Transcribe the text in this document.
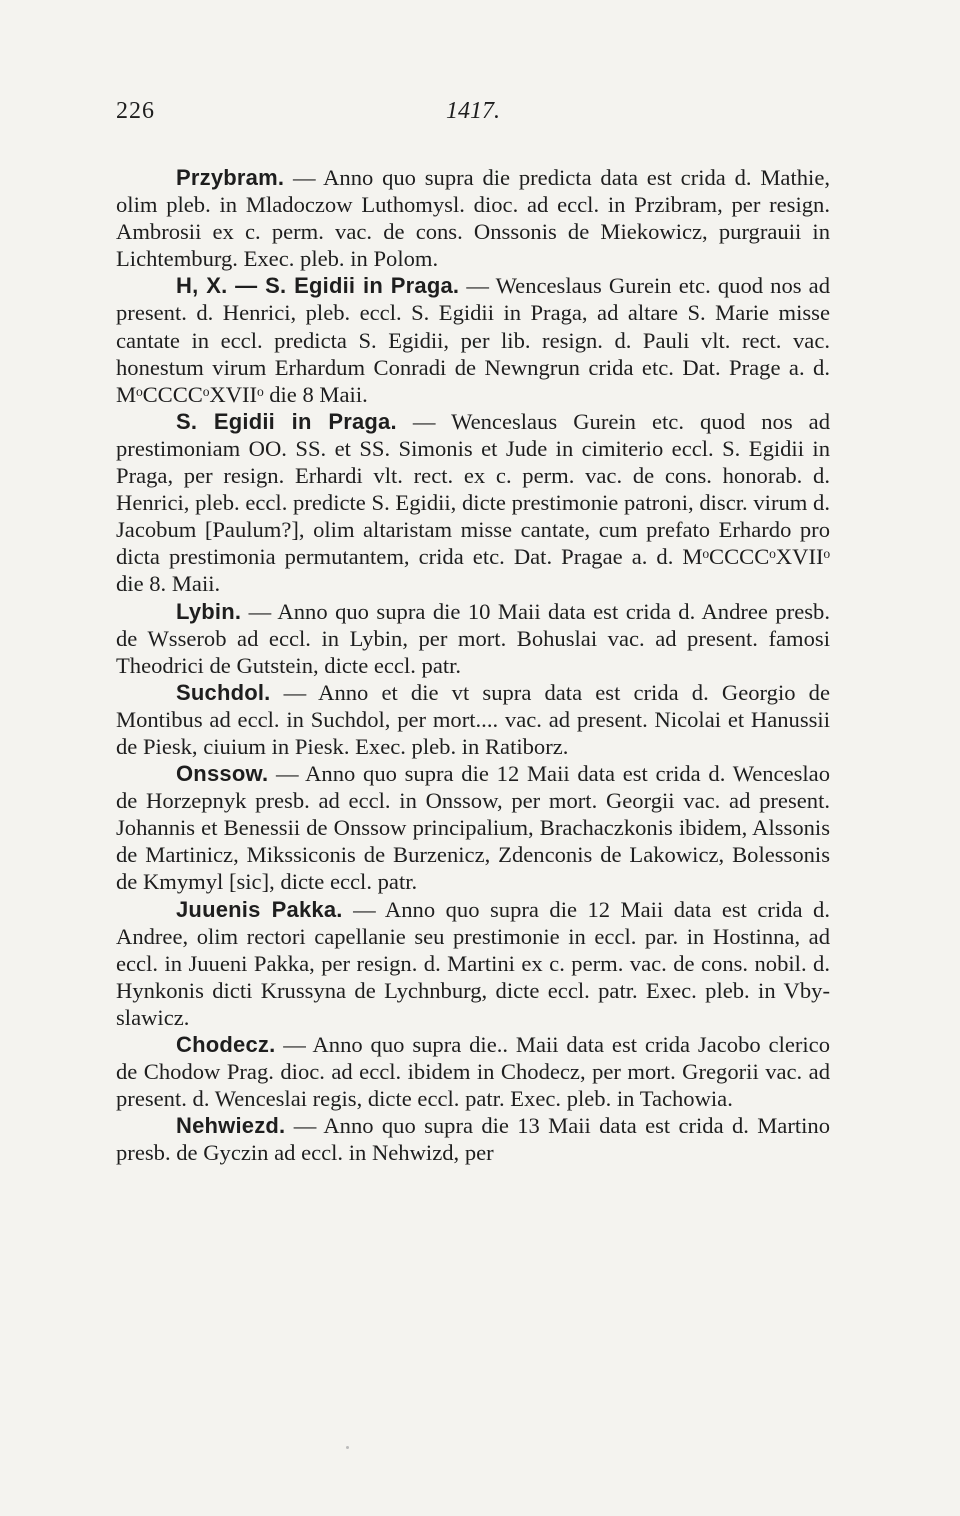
226	1417.

Przybram. — Anno quo supra die predicta data est crida d. Mathie, olim pleb. in Mladoczow Luthomysl. dioc. ad eccl. in Przibram, per resign. Ambrosii ex c. perm. vac. de cons. Onssonis de Miekowicz, purgrauii in Lichtemburg. Exec. pleb. in Polom.

H, X. — S. Egidii in Praga. — Wenceslaus Gurein etc. quod nos ad present. d. Henrici, pleb. eccl. S. Egidii in Praga, ad altare S. Marie misse cantate in eccl. predicta S. Egidii, per lib. resign. d. Pauli vlt. rect. vac. honestum virum Erhardum Conradi de Newngrun crida etc. Dat. Prage a. d. MᵒCCCCᵒXVIIᵒ die 8 Maii.

S. Egidii in Praga. — Wenceslaus Gurein etc. quod nos ad prestimoniam OO. SS. et SS. Simonis et Jude in cimiterio eccl. S. Egidii in Praga, per resign. Erhardi vlt. rect. ex c. perm. vac. de cons. honorab. d. Henrici, pleb. eccl. predicte S. Egidii, dicte prestimonie patroni, discr. virum d. Jacobum [Paulum?], olim altaristam misse cantate, cum prefato Erhardo pro dicta prestimonia permutantem, crida etc. Dat. Pragae a. d. MᵒCCCCᵒXVIIᵒ die 8. Maii.

Lybin. — Anno quo supra die 10 Maii data est crida d. Andree presb. de Wsserob ad eccl. in Lybin, per mort. Bohuslai vac. ad present. famosi Theodrici de Gutstein, dicte eccl. patr.

Suchdol. — Anno et die vt supra data est crida d. Georgio de Montibus ad eccl. in Suchdol, per mort.... vac. ad present. Nicolai et Hanussii de Piesk, ciuium in Piesk. Exec. pleb. in Ratiborz.

Onssow. — Anno quo supra die 12 Maii data est crida d. Wenceslao de Horzepnyk presb. ad eccl. in Onssow, per mort. Georgii vac. ad present. Johannis et Benessii de Onssow principalium, Brachaczkonis ibidem, Alssonis de Martinicz, Mikssiconis de Burzenicz, Zdenconis de Lakowicz, Bolessonis de Kmymyl [sic], dicte eccl. patr.

Juuenis Pakka. — Anno quo supra die 12 Maii data est crida d. Andree, olim rectori capellanie seu prestimonie in eccl. par. in Hostinna, ad eccl. in Juueni Pakka, per resign. d. Martini ex c. perm. vac. de cons. nobil. d. Hynkonis dicti Krussyna de Lychnburg, dicte eccl. patr. Exec. pleb. in Vbyslawicz.

Chodecz. — Anno quo supra die.. Maii data est crida Jacobo clerico de Chodow Prag. dioc. ad eccl. ibidem in Chodecz, per mort. Gregorii vac. ad present. d. Wenceslai regis, dicte eccl. patr. Exec. pleb. in Tachowia.

Nehwiezd. — Anno quo supra die 13 Maii data est crida d. Martino presb. de Gyczin ad eccl. in Nehwizd, per
